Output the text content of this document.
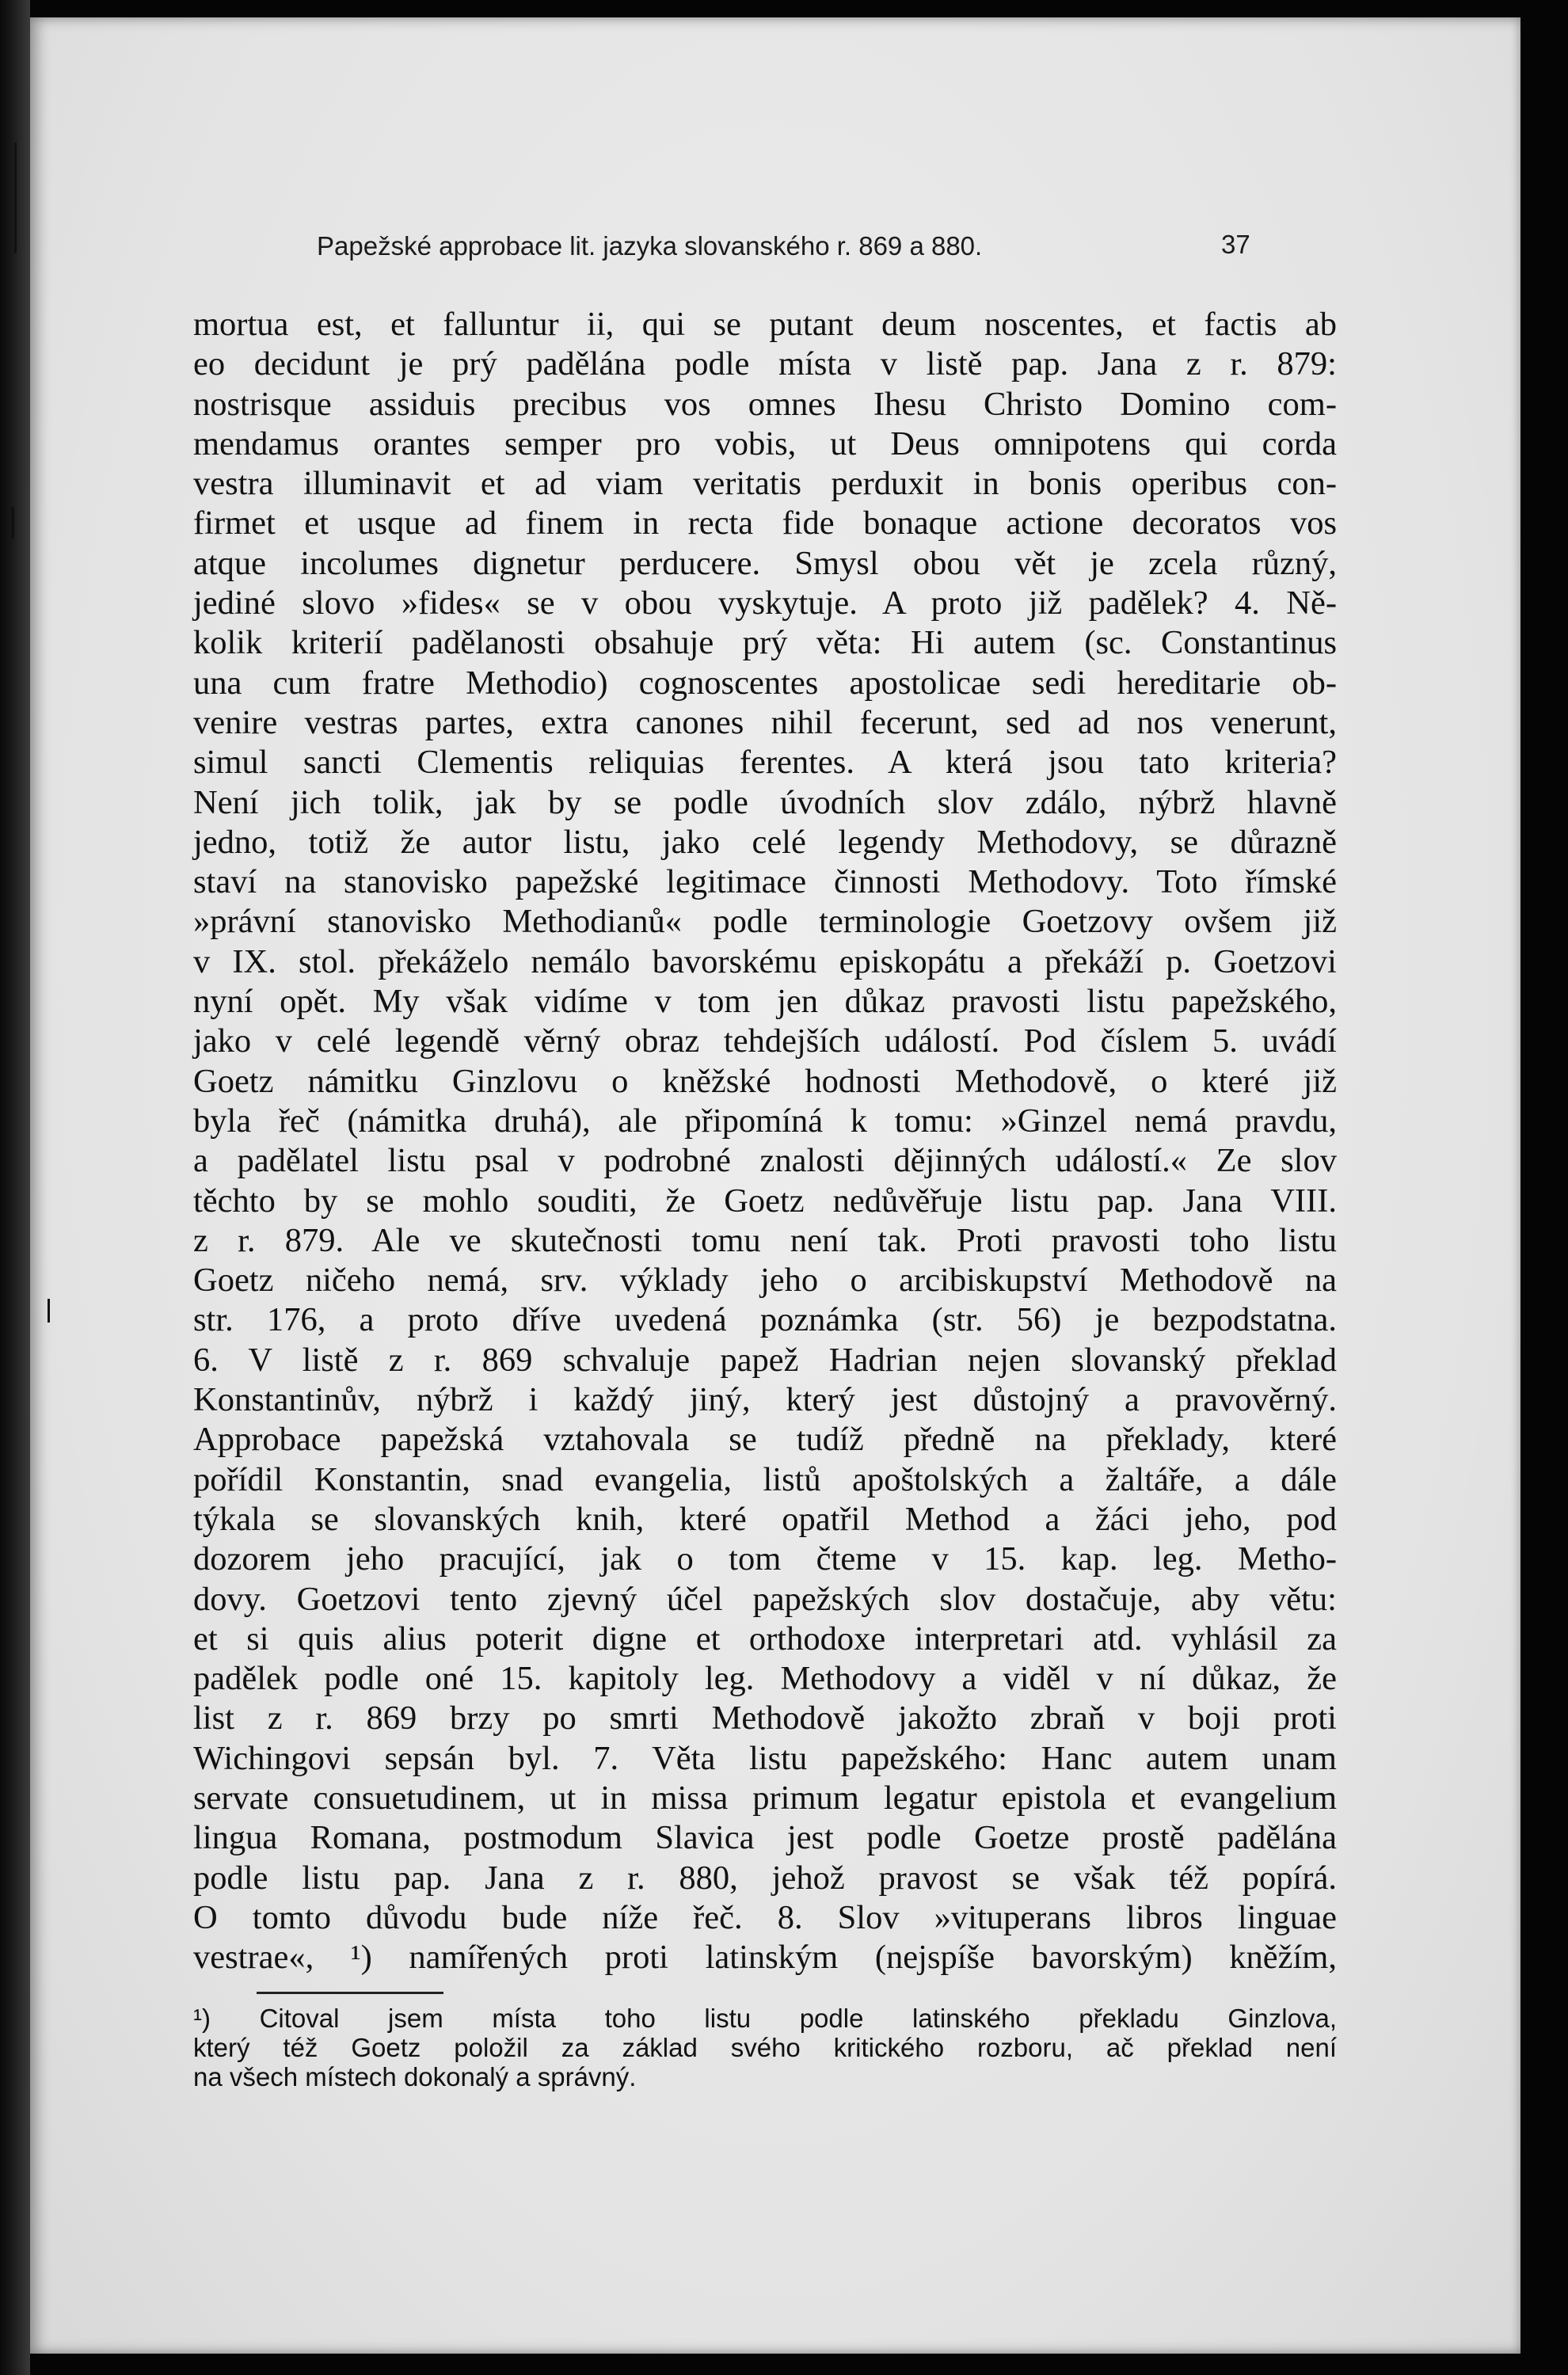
Papežské approbace lit. jazyka slovanského r. 869 a 880.	37
mortua est, et falluntur ii, qui se putant deum noscentes, et factis ab
eo decidunt je prý padělána podle místa v listě pap. Jana z r. 879:
nostrisque assiduis precibus vos omnes Ihesu Christo Domino com-
mendamus orantes semper pro vobis, ut Deus omnipotens qui corda
vestra illuminavit et ad viam veritatis perduxit in bonis operibus con-
firmet et usque ad finem in recta fide bonaque actione decoratos vos
atque incolumes dignetur perducere. Smysl obou vět je zcela různý,
jediné slovo »fides« se v obou vyskytuje. A proto již padělek? 4. Ně-
kolik kriterií padělanosti obsahuje prý věta: Hi autem (sc. Constantinus
una cum fratre Methodio) cognoscentes apostolicae sedi hereditarie ob-
venire vestras partes, extra canones nihil fecerunt, sed ad nos venerunt,
simul sancti Clementis reliquias ferentes. A která jsou tato kriteria?
Není jich tolik, jak by se podle úvodních slov zdálo, nýbrž hlavně
jedno, totiž že autor listu, jako celé legendy Methodovy, se důrazně
staví na stanovisko papežské legitimace činnosti Methodovy. Toto římské
»právní stanovisko Methodianů« podle terminologie Goetzovy ovšem již
v IX. stol. překáželo nemálo bavorskému episkopátu a překáží p. Goetzovi
nyní opět. My však vidíme v tom jen důkaz pravosti listu papežského,
jako v celé legendě věrný obraz tehdejších událostí. Pod číslem 5. uvádí
Goetz námitku Ginzlovu o kněžské hodnosti Methodově, o které již
byla řeč (námitka druhá), ale připomíná k tomu: »Ginzel nemá pravdu,
a padělatel listu psal v podrobné znalosti dějinných událostí.« Ze slov
těchto by se mohlo souditi, že Goetz nedůvěřuje listu pap. Jana VIII.
z r. 879. Ale ve skutečnosti tomu není tak. Proti pravosti toho listu
Goetz ničeho nemá, srv. výklady jeho o arcibiskupství Methodově na
str. 176, a proto dříve uvedená poznámka (str. 56) je bezpodstatna.
6. V listě z r. 869 schvaluje papež Hadrian nejen slovanský překlad
Konstantinův, nýbrž i každý jiný, který jest důstojný a pravověrný.
Approbace papežská vztahovala se tudíž předně na překlady, které
pořídil Konstantin, snad evangelia, listů apoštolských a žaltáře, a dále
týkala se slovanských knih, které opatřil Method a žáci jeho, pod
dozorem jeho pracující, jak o tom čteme v 15. kap. leg. Metho-
dovy. Goetzovi tento zjevný účel papežských slov dostačuje, aby větu:
et si quis alius poterit digne et orthodoxe interpretari atd. vyhlásil za
padělek podle oné 15. kapitoly leg. Methodovy a viděl v ní důkaz, že
list z r. 869 brzy po smrti Methodově jakožto zbraň v boji proti
Wichingovi sepsán byl. 7. Věta listu papežského: Hanc autem unam
servate consuetudinem, ut in missa primum legatur epistola et evangelium
lingua Romana, postmodum Slavica jest podle Goetze prostě padělána
podle listu pap. Jana z r. 880, jehož pravost se však též popírá.
O tomto důvodu bude níže řeč. 8. Slov »vituperans libros linguae
vestrae«, ¹) namířených proti latinským (nejspíše bavorským) kněžím,
¹) Citoval jsem místa toho listu podle latinského překladu Ginzlova,
který též Goetz položil za základ svého kritického rozboru, ač překlad není
na všech místech dokonalý a správný.
